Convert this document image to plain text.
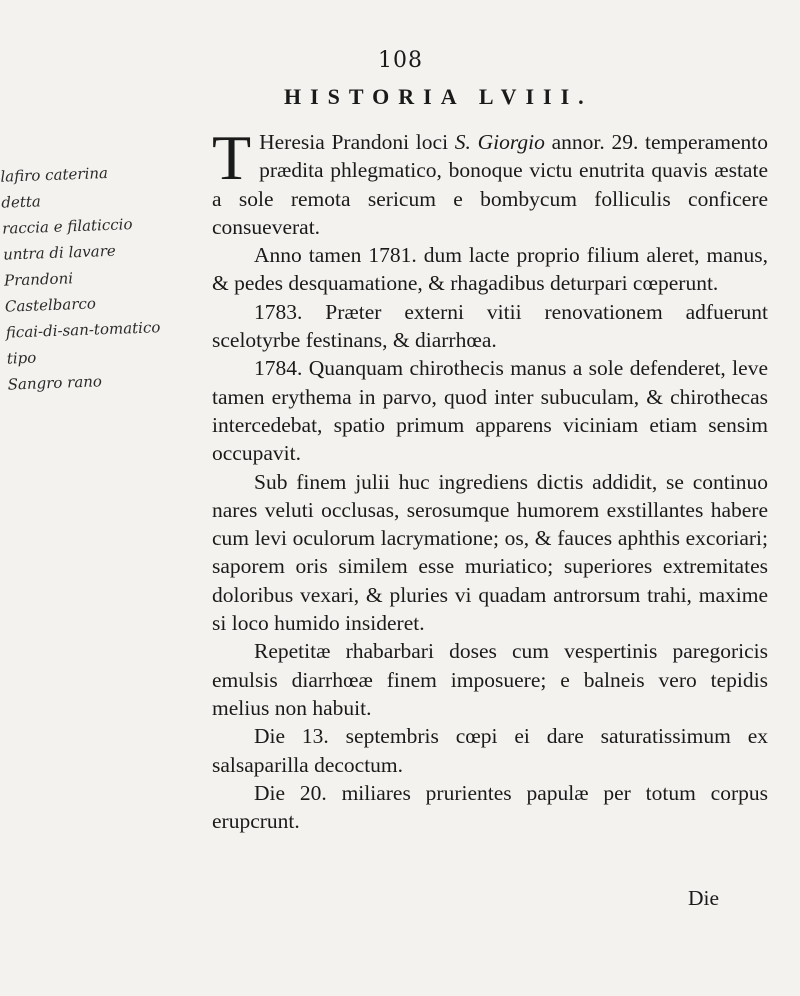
108
HISTORIA LVIII.
lafiro caterina
detta
raccia e filaticcio
untra di lavare
Prandoni
Castelbarco
ficai-di-san-tomatico
tipo
Sangro rano

T Heresia Prandoni loci S. Giorgio annor. 29. temperamento prædita phlegmatico, bonoque victu enutrita quavis æstate a sole remota sericum e bombycum folliculis conficere consueverat.

Anno tamen 1781. dum lacte proprio filium aleret, manus, & pedes desquamatione, & rhagadibus deturpari cœperunt.

1783. Præter externi vitii renovationem adfuerunt scelotyrbe festinans, & diarrhœa.

1784. Quanquam chirothecis manus a sole defenderet, leve tamen erythema in parvo, quod inter subuculam, & chirothecas intercedebat, spatio primum apparens viciniam etiam sensim occupavit.

Sub finem julii huc ingrediens dictis addidit, se continuo nares veluti occlusas, serosumque humorem exstillantes habere cum levi oculorum lacrymatione; os, & fauces aphthis excoriari; saporem oris similem esse muriatico; superiores extremitates doloribus vexari, & pluries vi quadam antrorsum trahi, maxime si loco humido insideret.

Repetitæ rhabarbari doses cum vespertinis paregoricis emulsis diarrhœæ finem imposuere; e balneis vero tepidis melius non habuit.

Die 13. septembris cœpi ei dare saturatissimum ex salsaparilla decoctum.

Die 20. miliares prurientes papulæ per totum corpus erupcrunt.

Die
